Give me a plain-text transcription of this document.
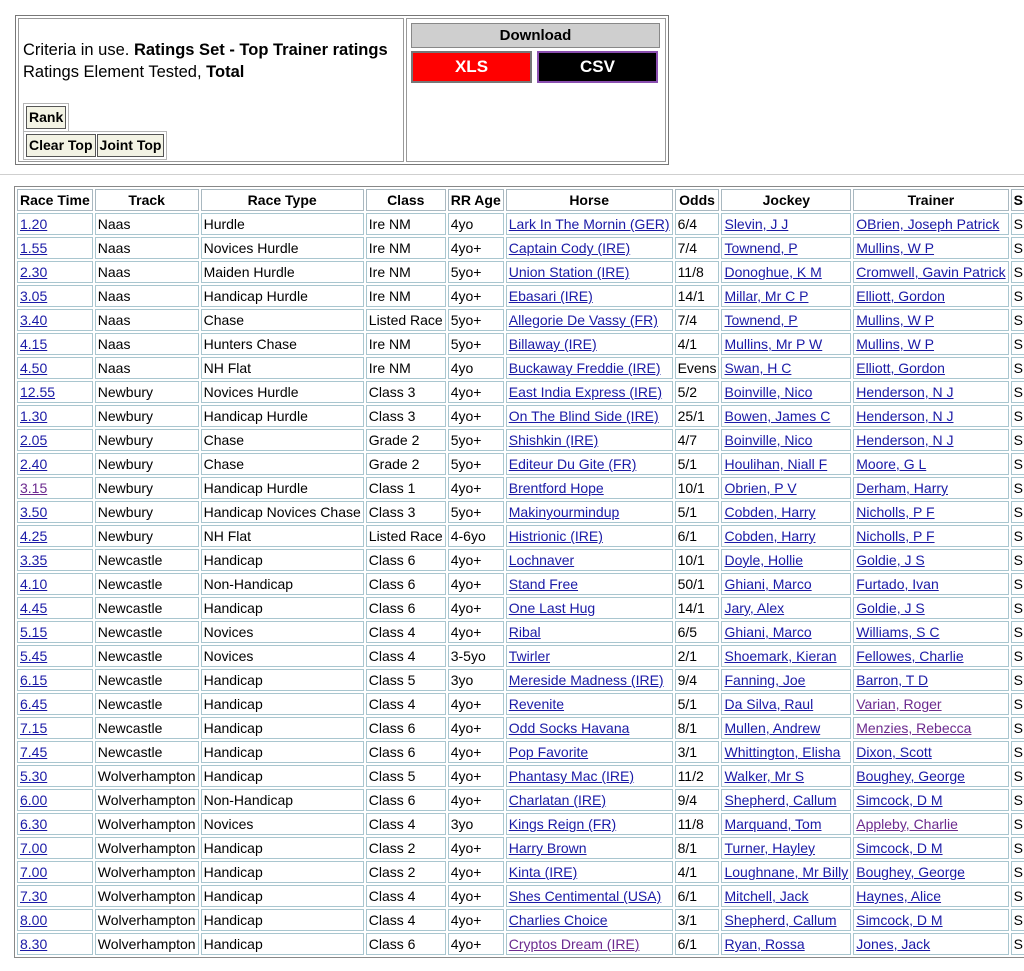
Criteria in use. Ratings Set - Top Trainer ratings
Ratings Element Tested, Total
Rank
Clear Top Joint Top
Download
XLS	CSV
Race Time	Track	Race Type	Class	RR Age	Horse	Odds	Jockey	Trainer	S
1.20	Naas	Hurdle	Ire NM	4yo	Lark In The Mornin (GER)	6/4	Slevin, J J	OBrien, Joseph Patrick	S
1.55	Naas	Novices Hurdle	Ire NM	4yo+	Captain Cody (IRE)	7/4	Townend, P	Mullins, W P	S
2.30	Naas	Maiden Hurdle	Ire NM	5yo+	Union Station (IRE)	11/8	Donoghue, K M	Cromwell, Gavin Patrick	S
3.05	Naas	Handicap Hurdle	Ire NM	4yo+	Ebasari (IRE)	14/1	Millar, Mr C P	Elliott, Gordon	S
3.40	Naas	Chase	Listed Race	5yo+	Allegorie De Vassy (FR)	7/4	Townend, P	Mullins, W P	S
4.15	Naas	Hunters Chase	Ire NM	5yo+	Billaway (IRE)	4/1	Mullins, Mr P W	Mullins, W P	S
4.50	Naas	NH Flat	Ire NM	4yo	Buckaway Freddie (IRE)	Evens	Swan, H C	Elliott, Gordon	S
12.55	Newbury	Novices Hurdle	Class 3	4yo+	East India Express (IRE)	5/2	Boinville, Nico	Henderson, N J	S
1.30	Newbury	Handicap Hurdle	Class 3	4yo+	On The Blind Side (IRE)	25/1	Bowen, James C	Henderson, N J	S
2.05	Newbury	Chase	Grade 2	5yo+	Shishkin (IRE)	4/7	Boinville, Nico	Henderson, N J	S
2.40	Newbury	Chase	Grade 2	5yo+	Editeur Du Gite (FR)	5/1	Houlihan, Niall F	Moore, G L	S
3.15	Newbury	Handicap Hurdle	Class 1	4yo+	Brentford Hope	10/1	Obrien, P V	Derham, Harry	S
3.50	Newbury	Handicap Novices Chase	Class 3	5yo+	Makinyourmindup	5/1	Cobden, Harry	Nicholls, P F	S
4.25	Newbury	NH Flat	Listed Race	4-6yo	Histrionic (IRE)	6/1	Cobden, Harry	Nicholls, P F	S
3.35	Newcastle	Handicap	Class 6	4yo+	Lochnaver	10/1	Doyle, Hollie	Goldie, J S	S
4.10	Newcastle	Non-Handicap	Class 6	4yo+	Stand Free	50/1	Ghiani, Marco	Furtado, Ivan	S
4.45	Newcastle	Handicap	Class 6	4yo+	One Last Hug	14/1	Jary, Alex	Goldie, J S	S
5.15	Newcastle	Novices	Class 4	4yo+	Ribal	6/5	Ghiani, Marco	Williams, S C	S
5.45	Newcastle	Novices	Class 4	3-5yo	Twirler	2/1	Shoemark, Kieran	Fellowes, Charlie	S
6.15	Newcastle	Handicap	Class 5	3yo	Mereside Madness (IRE)	9/4	Fanning, Joe	Barron, T D	S
6.45	Newcastle	Handicap	Class 4	4yo+	Revenite	5/1	Da Silva, Raul	Varian, Roger	S
7.15	Newcastle	Handicap	Class 6	4yo+	Odd Socks Havana	8/1	Mullen, Andrew	Menzies, Rebecca	S
7.45	Newcastle	Handicap	Class 6	4yo+	Pop Favorite	3/1	Whittington, Elisha	Dixon, Scott	S
5.30	Wolverhampton	Handicap	Class 5	4yo+	Phantasy Mac (IRE)	11/2	Walker, Mr S	Boughey, George	S
6.00	Wolverhampton	Non-Handicap	Class 6	4yo+	Charlatan (IRE)	9/4	Shepherd, Callum	Simcock, D M	S
6.30	Wolverhampton	Novices	Class 4	3yo	Kings Reign (FR)	11/8	Marquand, Tom	Appleby, Charlie	S
7.00	Wolverhampton	Handicap	Class 2	4yo+	Harry Brown	8/1	Turner, Hayley	Simcock, D M	S
7.00	Wolverhampton	Handicap	Class 2	4yo+	Kinta (IRE)	4/1	Loughnane, Mr Billy	Boughey, George	S
7.30	Wolverhampton	Handicap	Class 4	4yo+	Shes Centimental (USA)	6/1	Mitchell, Jack	Haynes, Alice	S
8.00	Wolverhampton	Handicap	Class 4	4yo+	Charlies Choice	3/1	Shepherd, Callum	Simcock, D M	S
8.30	Wolverhampton	Handicap	Class 6	4yo+	Cryptos Dream (IRE)	6/1	Ryan, Rossa	Jones, Jack	S
